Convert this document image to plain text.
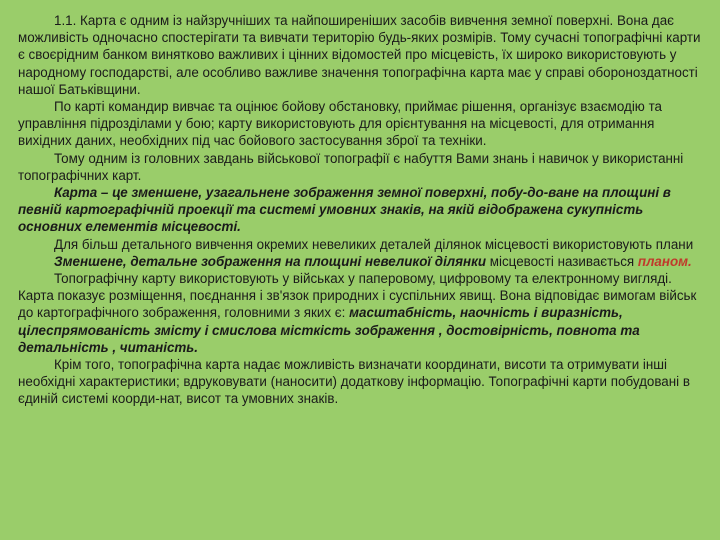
1.1. Карта є одним із найзручніших та найпоширеніших засобів вивчення земної поверхні. Вона дає можливість одночасно спостерігати та вивчати територію будь-яких розмірів. Тому сучасні топографічні карти є своєрідним банком винятково важливих і цінних відомостей про місцевість, їх широко використовують у народному господарстві, але особливо важливе значення топографічна карта має у справі обороноздатності нашої Батьківщини.

По карті командир вивчає та оцінює бойову обстановку, приймає рішення, організує взаємодію та управління підрозділами у бою; карту використовують для орієнтування на місцевості, для отримання вихідних даних, необхідних під час бойового застосування зброї та техніки.

Тому одним із головних завдань військової топографії є набуття Вами знань і навичок у використанні топографічних карт.

Карта – це зменшене, узагальнене зображення земної поверхні, побу-до-ване на площині в певній картографічній проекції та системі умовних знаків, на якій відображена сукупність основних елементів місцевості.

Для більш детального вивчення окремих невеликих деталей ділянок місцевості використовують плани

Зменшене, детальне зображення на площині невеликої ділянки місцевості називається планом.

Топографічну карту використовують у військах у паперовому, цифровому та електронному вигляді. Карта показує розміщення, поєднання і зв'язок природних і суспільних явищ. Вона відповідає вимогам військ до картографічного зображення, головними з яких є: масштабність, наочність і виразність, цілеспрямованість змісту і смислова місткість зображення , достовірність, повнота та детальність , читаність.

Крім того, топографічна карта надає можливість визначати координати, висоти та отримувати інші необхідні характеристики; вдруковувати (наносити) додаткову інформацію. Топографічні карти побудовані в єдиній системі коорди-нат, висот та умовних знаків.
